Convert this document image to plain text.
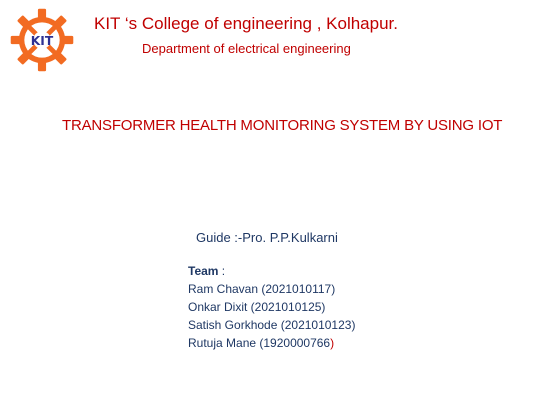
KIT
KIT ‘s College of engineering , Kolhapur.
Department of electrical engineering
TRANSFORMER HEALTH MONITORING SYSTEM BY USING IOT
Guide :-Pro. P.P.Kulkarni
Team :
Ram Chavan (2021010117)
Onkar Dixit (2021010125)
Satish Gorkhode (2021010123)
Rutuja Mane (1920000766)
